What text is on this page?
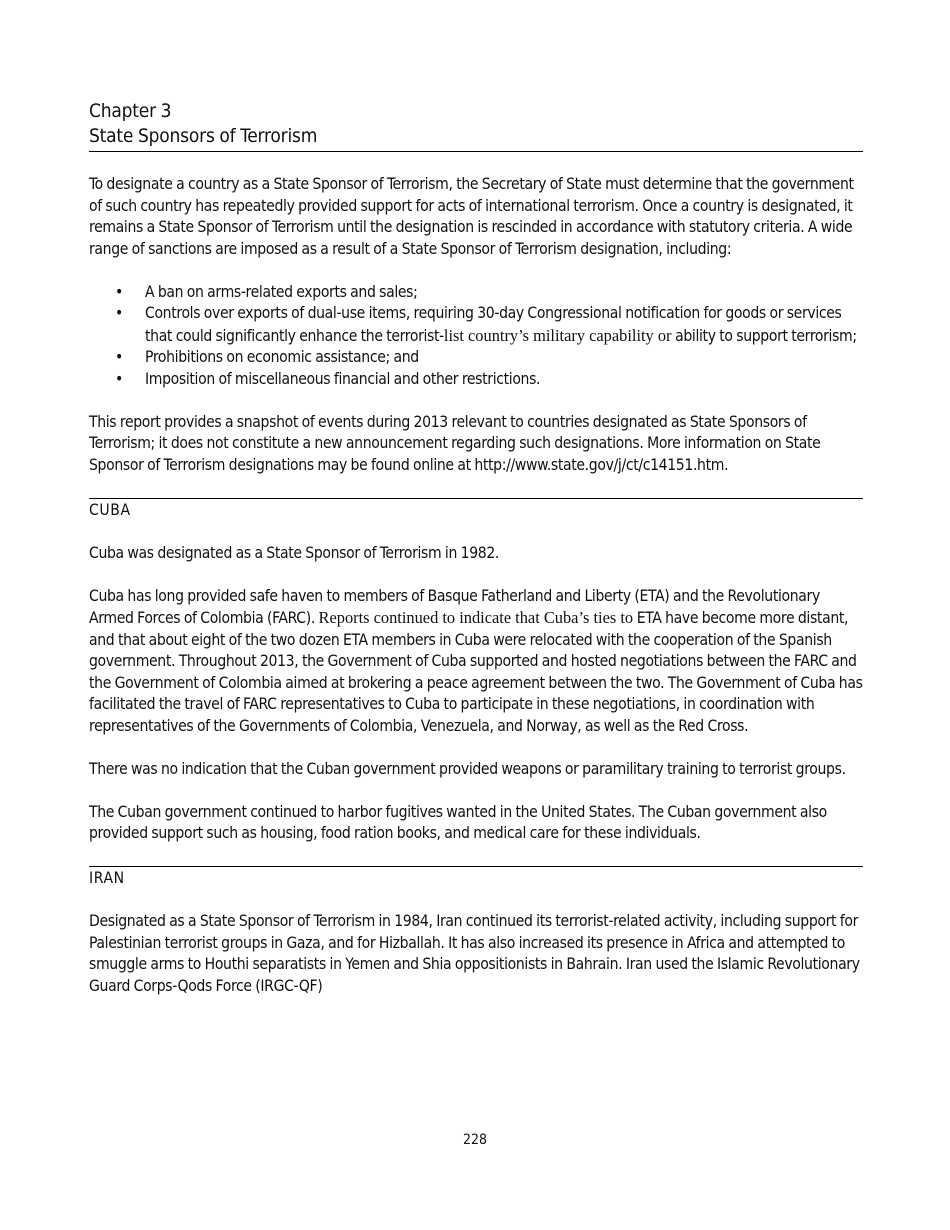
Chapter 3
State Sponsors of Terrorism

To designate a country as a State Sponsor of Terrorism, the Secretary of State must determine that the government of such country has repeatedly provided support for acts of international terrorism. Once a country is designated, it remains a State Sponsor of Terrorism until the designation is rescinded in accordance with statutory criteria. A wide range of sanctions are imposed as a result of a State Sponsor of Terrorism designation, including:

• A ban on arms-related exports and sales;
• Controls over exports of dual-use items, requiring 30-day Congressional notification for goods or services that could significantly enhance the terrorist-list country’s military capability or ability to support terrorism;
• Prohibitions on economic assistance; and
• Imposition of miscellaneous financial and other restrictions.

This report provides a snapshot of events during 2013 relevant to countries designated as State Sponsors of Terrorism; it does not constitute a new announcement regarding such designations. More information on State Sponsor of Terrorism designations may be found online at http://www.state.gov/j/ct/c14151.htm.

CUBA

Cuba was designated as a State Sponsor of Terrorism in 1982.

Cuba has long provided safe haven to members of Basque Fatherland and Liberty (ETA) and the Revolutionary Armed Forces of Colombia (FARC). Reports continued to indicate that Cuba’s ties to ETA have become more distant, and that about eight of the two dozen ETA members in Cuba were relocated with the cooperation of the Spanish government. Throughout 2013, the Government of Cuba supported and hosted negotiations between the FARC and the Government of Colombia aimed at brokering a peace agreement between the two. The Government of Cuba has facilitated the travel of FARC representatives to Cuba to participate in these negotiations, in coordination with representatives of the Governments of Colombia, Venezuela, and Norway, as well as the Red Cross.

There was no indication that the Cuban government provided weapons or paramilitary training to terrorist groups.

The Cuban government continued to harbor fugitives wanted in the United States. The Cuban government also provided support such as housing, food ration books, and medical care for these individuals.

IRAN

Designated as a State Sponsor of Terrorism in 1984, Iran continued its terrorist-related activity, including support for Palestinian terrorist groups in Gaza, and for Hizballah. It has also increased its presence in Africa and attempted to smuggle arms to Houthi separatists in Yemen and Shia oppositionists in Bahrain. Iran used the Islamic Revolutionary Guard Corps-Qods Force (IRGC-QF)

228
